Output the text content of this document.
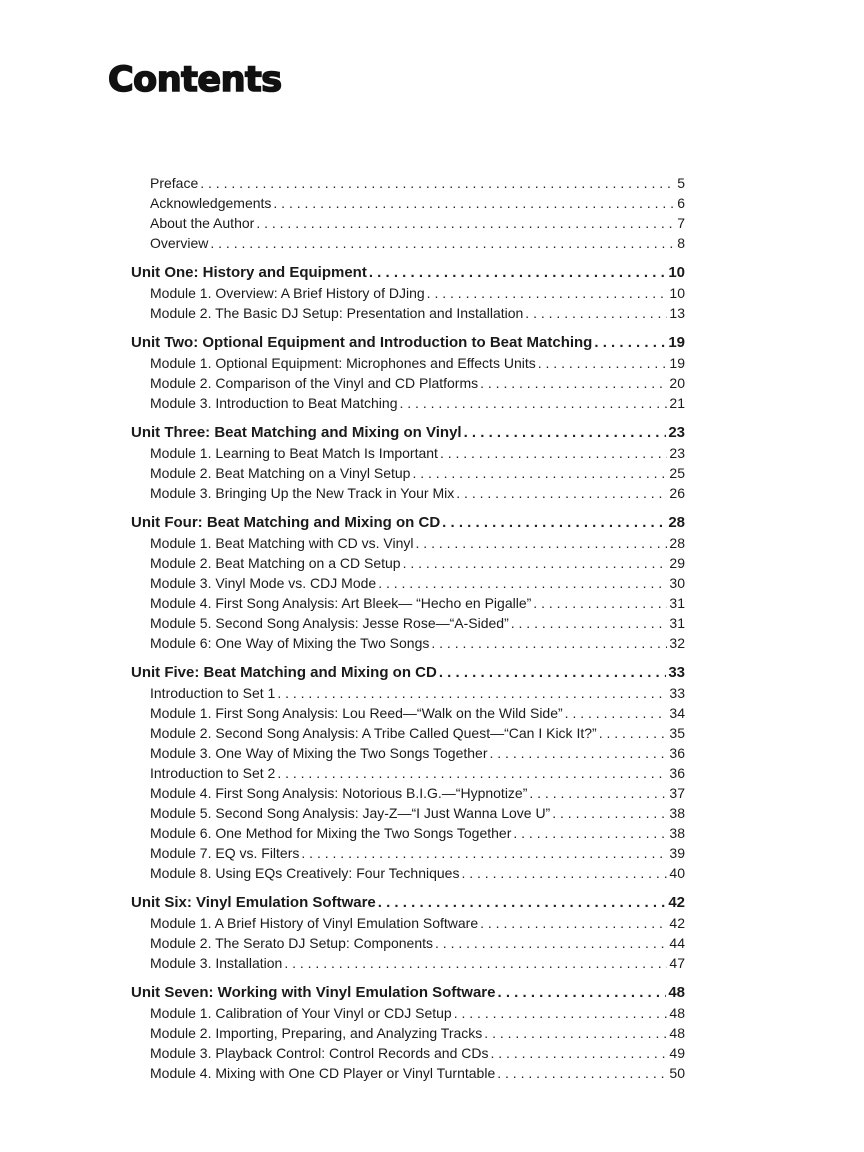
Contents
Preface . . .	5
Acknowledgements . . .	6
About the Author . . .	7
Overview . . .	8
Unit One: History and Equipment . . .	10
Module 1. Overview: A Brief History of DJing . . .	10
Module 2. The Basic DJ Setup: Presentation and Installation . . .	13
Unit Two: Optional Equipment and Introduction to Beat Matching . . .	19
Module 1. Optional Equipment: Microphones and Effects Units . . .	19
Module 2. Comparison of the Vinyl and CD Platforms . . .	20
Module 3. Introduction to Beat Matching . . .	21
Unit Three: Beat Matching and Mixing on Vinyl . . .	23
Module 1. Learning to Beat Match Is Important . . .	23
Module 2. Beat Matching on a Vinyl Setup . . .	25
Module 3. Bringing Up the New Track in Your Mix . . .	26
Unit Four: Beat Matching and Mixing on CD . . .	28
Module 1. Beat Matching with CD vs. Vinyl . . .	28
Module 2. Beat Matching on a CD Setup . . .	29
Module 3. Vinyl Mode vs. CDJ Mode . . .	30
Module 4. First Song Analysis: Art Bleek— “Hecho en Pigalle” . . .	31
Module 5. Second Song Analysis: Jesse Rose—“A-Sided” . . .	31
Module 6: One Way of Mixing the Two Songs . . .	32
Unit Five: Beat Matching and Mixing on CD . . .	33
Introduction to Set 1 . . .	33
Module 1. First Song Analysis: Lou Reed—“Walk on the Wild Side” . . .	34
Module 2. Second Song Analysis: A Tribe Called Quest—“Can I Kick It?” . . .	35
Module 3. One Way of Mixing the Two Songs Together . . .	36
Introduction to Set 2 . . .	36
Module 4. First Song Analysis: Notorious B.I.G.—“Hypnotize” . . .	37
Module 5. Second Song Analysis: Jay-Z—“I Just Wanna Love U” . . .	38
Module 6. One Method for Mixing the Two Songs Together . . .	38
Module 7. EQ vs. Filters . . .	39
Module 8. Using EQs Creatively: Four Techniques . . .	40
Unit Six: Vinyl Emulation Software . . .	42
Module 1. A Brief History of Vinyl Emulation Software . . .	42
Module 2. The Serato DJ Setup: Components . . .	44
Module 3. Installation . . .	47
Unit Seven: Working with Vinyl Emulation Software . . .	48
Module 1. Calibration of Your Vinyl or CDJ Setup . . .	48
Module 2. Importing, Preparing, and Analyzing Tracks . . .	48
Module 3. Playback Control: Control Records and CDs . . .	49
Module 4. Mixing with One CD Player or Vinyl Turntable . . .	50
